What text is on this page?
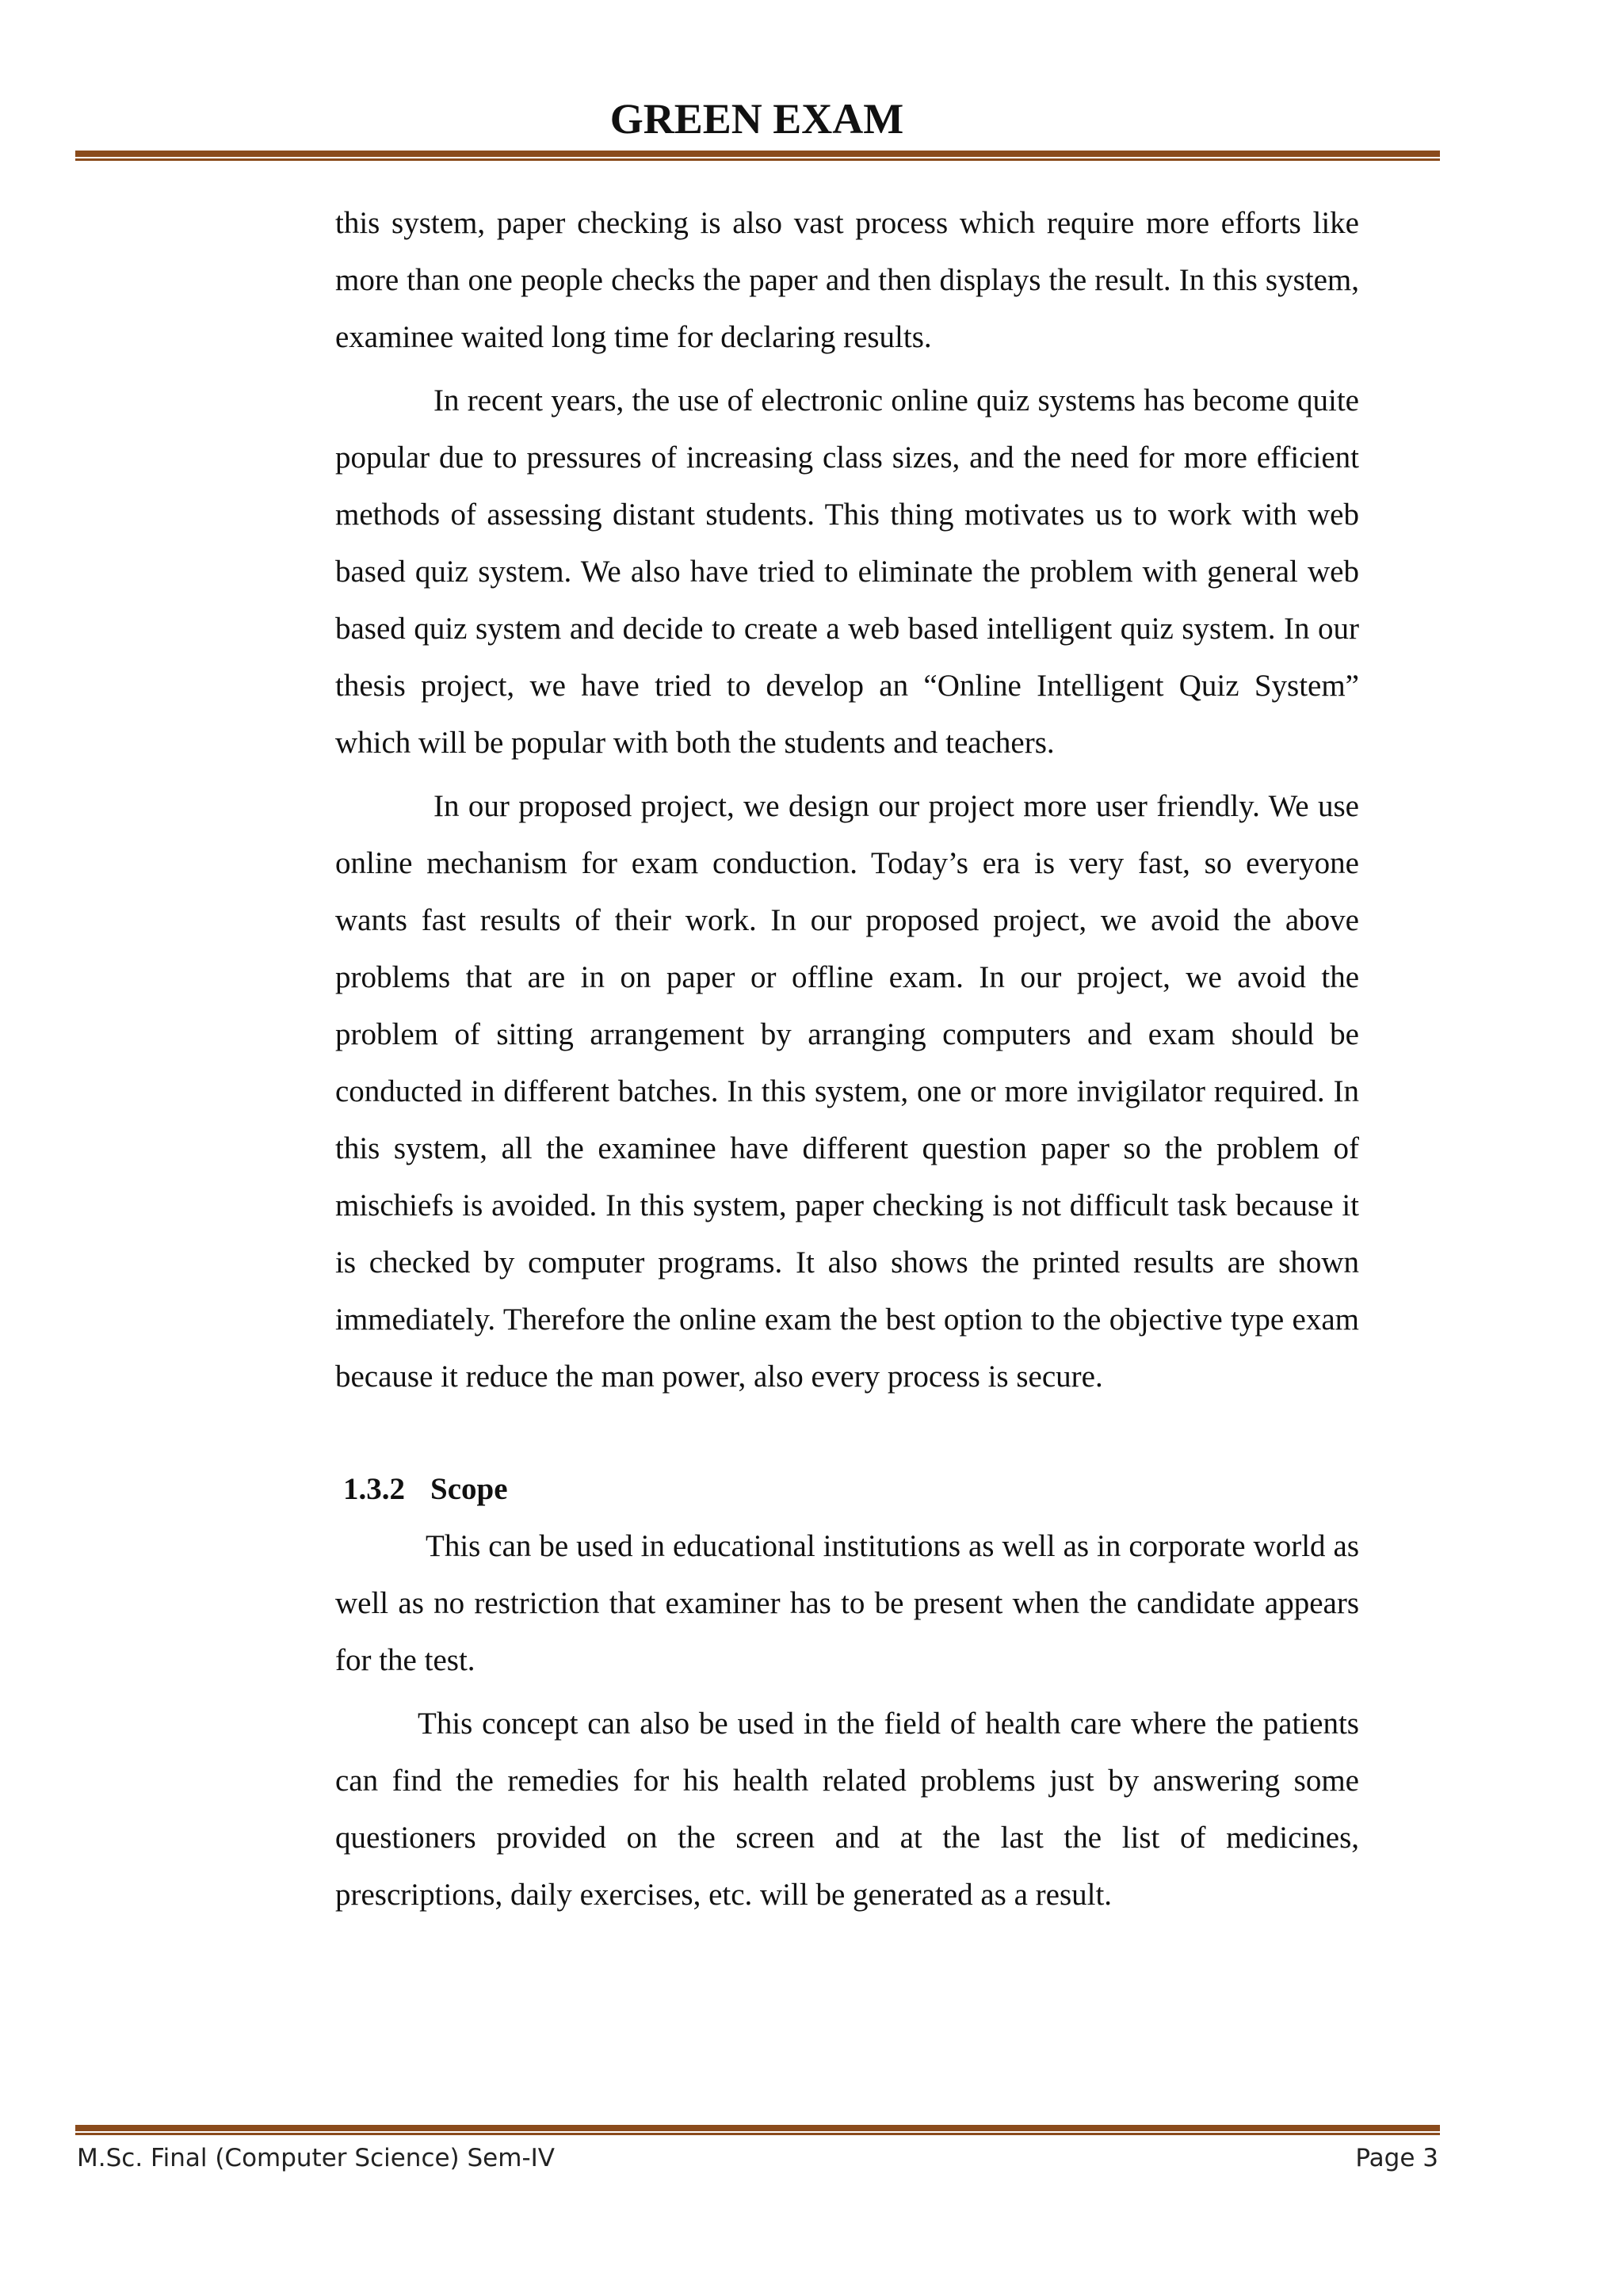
GREEN EXAM

this system, paper checking is also vast process which require more efforts like more than one people checks the paper and then displays the result. In this system, examinee waited long time for declaring results.

In recent years, the use of electronic online quiz systems has become quite popular due to pressures of increasing class sizes, and the need for more efficient methods of assessing distant students. This thing motivates us to work with web based quiz system. We also have tried to eliminate the problem with general web based quiz system and decide to create a web based intelligent quiz system. In our thesis project, we have tried to develop an “Online Intelligent Quiz System” which will be popular with both the students and teachers.

In our proposed project, we design our project more user friendly. We use online mechanism for exam conduction. Today’s era is very fast, so everyone wants fast results of their work. In our proposed project, we avoid the above problems that are in on paper or offline exam. In our project, we avoid the problem of sitting arrangement by arranging computers and exam should be conducted in different batches. In this system, one or more invigilator required. In this system, all the examinee have different question paper so the problem of mischiefs is avoided. In this system, paper checking is not difficult task because it is checked by computer programs. It also shows the printed results are shown immediately. Therefore the online exam the best option to the objective type exam because it reduce the man power, also every process is secure.

1.3.2 Scope

This can be used in educational institutions as well as in corporate world as well as no restriction that examiner has to be present when the candidate appears for the test.

This concept can also be used in the field of health care where the patients can find the remedies for his health related problems just by answering some questioners provided on the screen and at the last the list of medicines, prescriptions, daily exercises, etc. will be generated as a result.

M.Sc. Final (Computer Science) Sem-IV	Page 3
